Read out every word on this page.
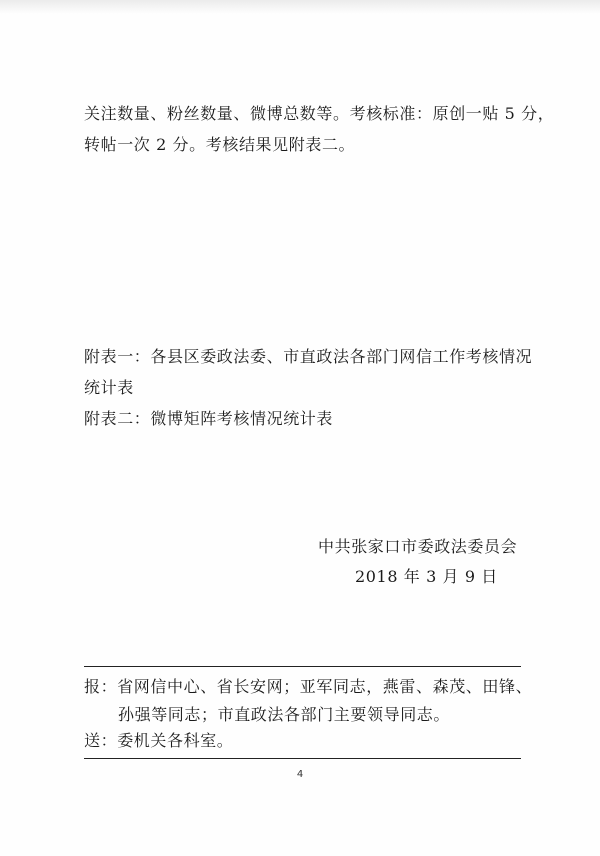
关注数量、粉丝数量、微博总数等。考核标准：原创一贴 5 分，
转帖一次 2 分。考核结果见附表二。
附表一：各县区委政法委、市直政法各部门网信工作考核情况
统计表
附表二：微博矩阵考核情况统计表
中共张家口市委政法委员会
2018 年 3 月 9 日
报：省网信中心、省长安网；亚军同志，燕雷、森茂、田锋、
孙强等同志；市直政法各部门主要领导同志。
送：委机关各科室。
4
